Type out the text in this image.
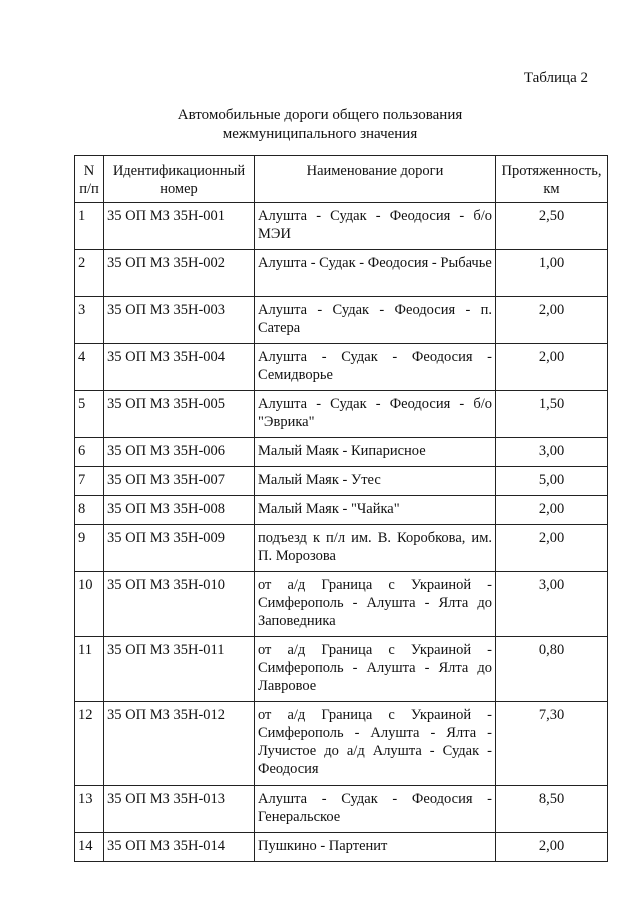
Таблица 2
Автомобильные дороги общего пользования
межмуниципального значения
N п/п	Идентификационный номер	Наименование дороги	Протяженность, км
1	35 ОП МЗ 35Н-001	Алушта - Судак - Феодосия - б/о МЭИ	2,50
2	35 ОП МЗ 35Н-002	Алушта - Судак - Феодосия - Рыбачье	1,00
3	35 ОП МЗ 35Н-003	Алушта - Судак - Феодосия - п. Сатера	2,00
4	35 ОП МЗ 35Н-004	Алушта - Судак - Феодосия - Семидворье	2,00
5	35 ОП МЗ 35Н-005	Алушта - Судак - Феодосия - б/о "Эврика"	1,50
6	35 ОП МЗ 35Н-006	Малый Маяк - Кипарисное	3,00
7	35 ОП МЗ 35Н-007	Малый Маяк - Утес	5,00
8	35 ОП МЗ 35Н-008	Малый Маяк - "Чайка"	2,00
9	35 ОП МЗ 35Н-009	подъезд к п/л им. В. Коробкова, им. П. Морозова	2,00
10	35 ОП МЗ 35Н-010	от а/д Граница с Украиной - Симферополь - Алушта - Ялта до Заповедника	3,00
11	35 ОП МЗ 35Н-011	от а/д Граница с Украиной - Симферополь - Алушта - Ялта до Лавровое	0,80
12	35 ОП МЗ 35Н-012	от а/д Граница с Украиной - Симферополь - Алушта - Ялта - Лучистое до а/д Алушта - Судак - Феодосия	7,30
13	35 ОП МЗ 35Н-013	Алушта - Судак - Феодосия - Генеральское	8,50
14	35 ОП МЗ 35Н-014	Пушкино - Партенит	2,00
